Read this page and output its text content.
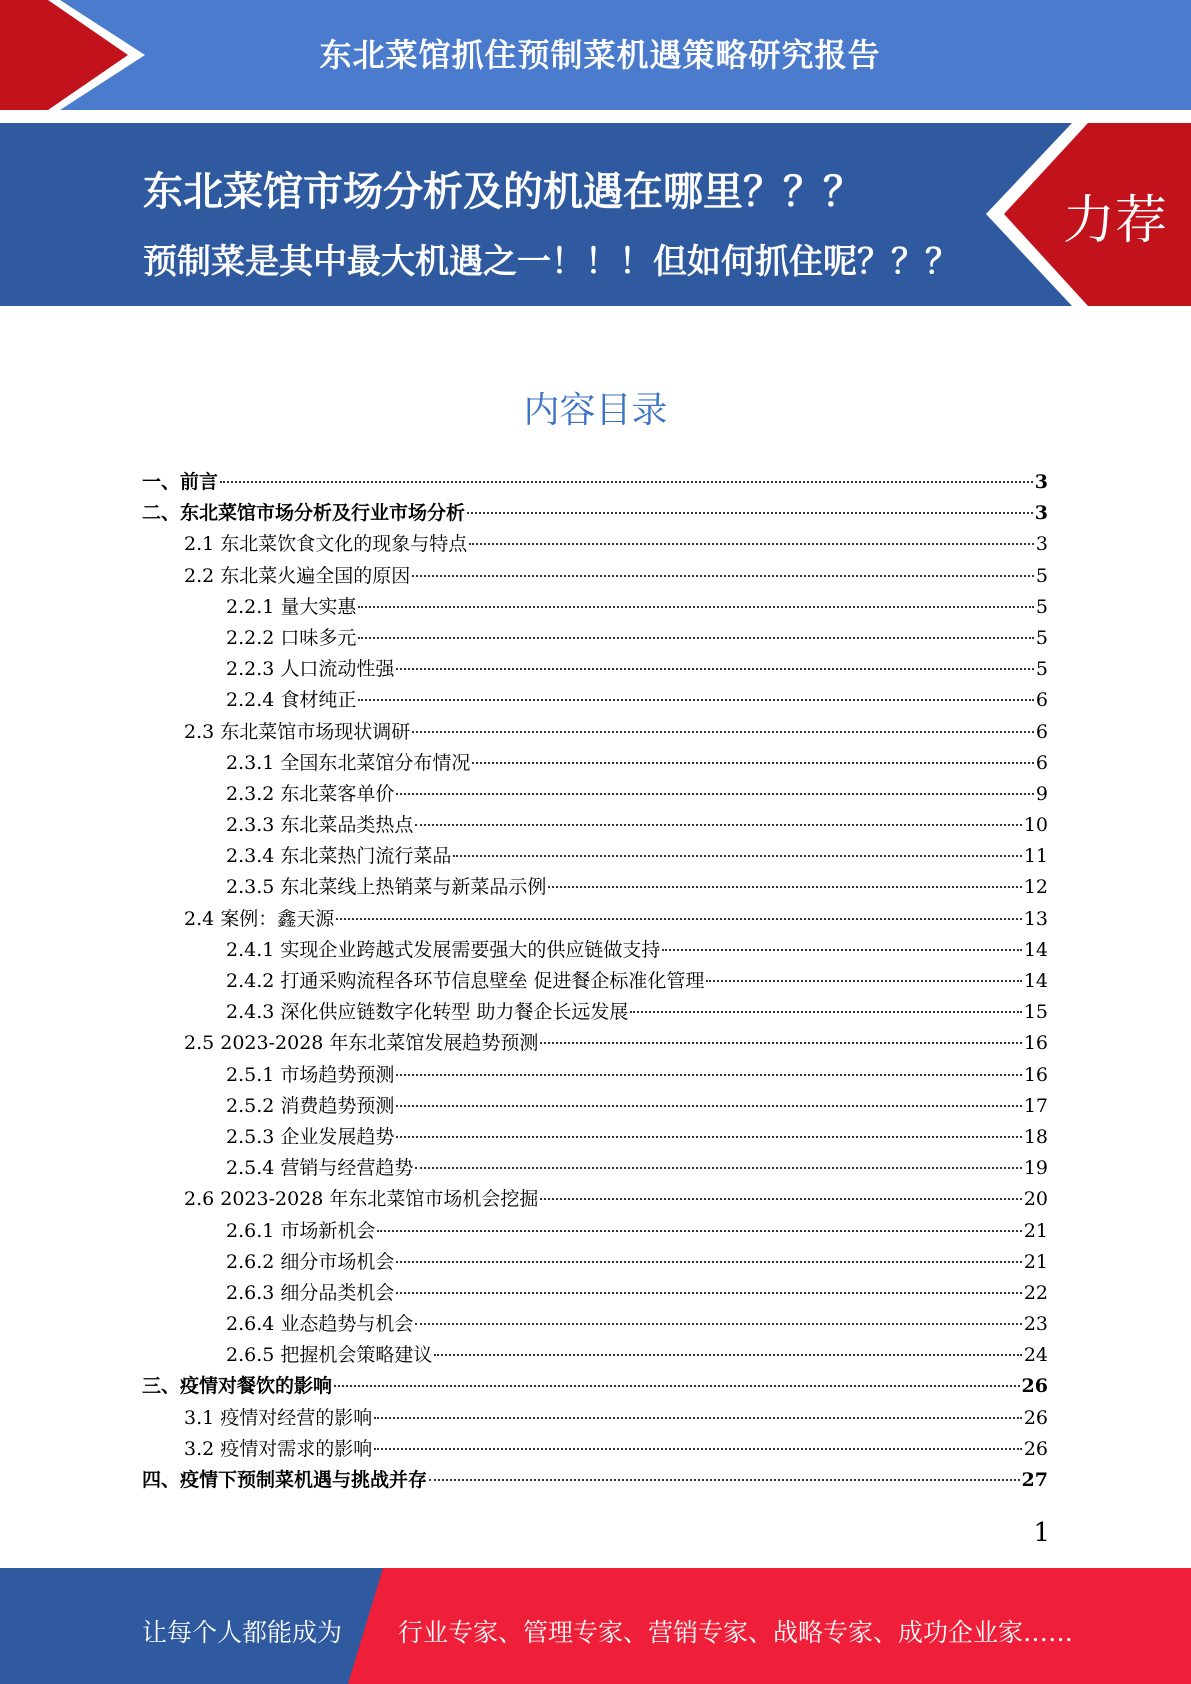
东北菜馆抓住预制菜机遇策略研究报告
东北菜馆市场分析及的机遇在哪里？？？
预制菜是其中最大机遇之一！！！但如何抓住呢？？？
力荐
内容目录
一、前言	3
二、东北菜馆市场分析及行业市场分析	3
2.1 东北菜饮食文化的现象与特点	3
2.2 东北菜火遍全国的原因	5
2.2.1 量大实惠	5
2.2.2 口味多元	5
2.2.3 人口流动性强	5
2.2.4 食材纯正	6
2.3 东北菜馆市场现状调研	6
2.3.1 全国东北菜馆分布情况	6
2.3.2 东北菜客单价	9
2.3.3 东北菜品类热点	10
2.3.4 东北菜热门流行菜品	11
2.3.5 东北菜线上热销菜与新菜品示例	12
2.4 案例：鑫天源	13
2.4.1 实现企业跨越式发展需要强大的供应链做支持	14
2.4.2 打通采购流程各环节信息壁垒 促进餐企标准化管理	14
2.4.3 深化供应链数字化转型 助力餐企长远发展	15
2.5 2023-2028 年东北菜馆发展趋势预测	16
2.5.1 市场趋势预测	16
2.5.2 消费趋势预测	17
2.5.3 企业发展趋势	18
2.5.4 营销与经营趋势	19
2.6 2023-2028 年东北菜馆市场机会挖掘	20
2.6.1 市场新机会	21
2.6.2 细分市场机会	21
2.6.3 细分品类机会	22
2.6.4 业态趋势与机会	23
2.6.5 把握机会策略建议	24
三、疫情对餐饮的影响	26
3.1 疫情对经营的影响	26
3.2 疫情对需求的影响	26
四、疫情下预制菜机遇与挑战并存	27
1
让每个人都能成为 行业专家、管理专家、营销专家、战略专家、成功企业家……
